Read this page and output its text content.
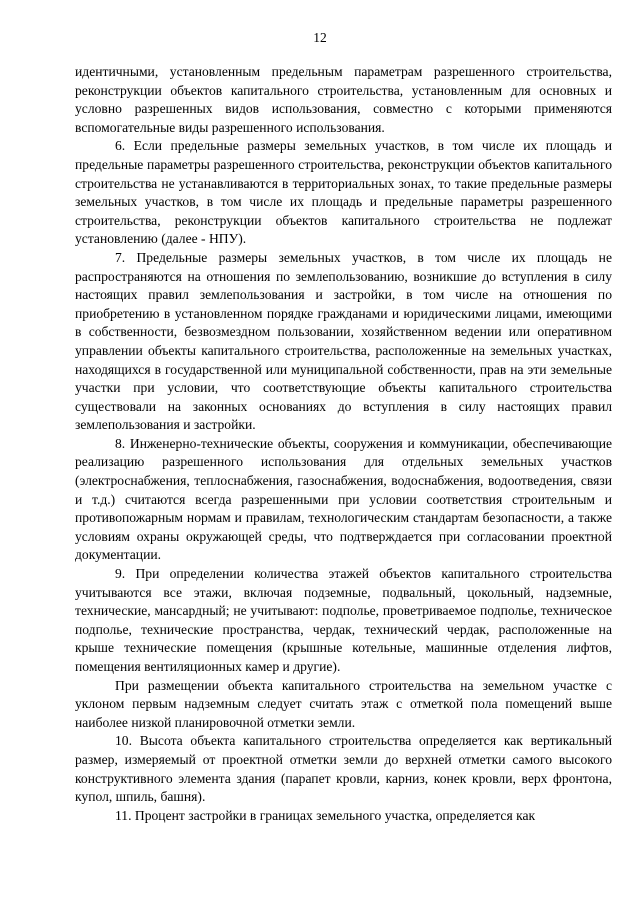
12

идентичными, установленным предельным параметрам разрешенного строительства, реконструкции объектов капитального строительства, установленным для основных и условно разрешенных видов использования, совместно с которыми применяются вспомогательные виды разрешенного использования.

6. Если предельные размеры земельных участков, в том числе их площадь и предельные параметры разрешенного строительства, реконструкции объектов капитального строительства не устанавливаются в территориальных зонах, то такие предельные размеры земельных участков, в том числе их площадь и предельные параметры разрешенного строительства, реконструкции объектов капитального строительства не подлежат установлению (далее - НПУ).

7. Предельные размеры земельных участков, в том числе их площадь не распространяются на отношения по землепользованию, возникшие до вступления в силу настоящих правил землепользования и застройки, в том числе на отношения по приобретению в установленном порядке гражданами и юридическими лицами, имеющими в собственности, безвозмездном пользовании, хозяйственном ведении или оперативном управлении объекты капитального строительства, расположенные на земельных участках, находящихся в государственной или муниципальной собственности, прав на эти земельные участки при условии, что соответствующие объекты капитального строительства существовали на законных основаниях до вступления в силу настоящих правил землепользования и застройки.

8. Инженерно-технические объекты, сооружения и коммуникации, обеспечивающие реализацию разрешенного использования для отдельных земельных участков (электроснабжения, теплоснабжения, газоснабжения, водоснабжения, водоотведения, связи и т.д.) считаются всегда разрешенными при условии соответствия строительным и противопожарным нормам и правилам, технологическим стандартам безопасности, а также условиям охраны окружающей среды, что подтверждается при согласовании проектной документации.

9. При определении количества этажей объектов капитального строительства учитываются все этажи, включая подземные, подвальный, цокольный, надземные, технические, мансардный; не учитывают: подполье, проветриваемое подполье, техническое подполье, технические пространства, чердак, технический чердак, расположенные на крыше технические помещения (крышные котельные, машинные отделения лифтов, помещения вентиляционных камер и другие).

При размещении объекта капитального строительства на земельном участке с уклоном первым надземным следует считать этаж с отметкой пола помещений выше наиболее низкой планировочной отметки земли.

10. Высота объекта капитального строительства определяется как вертикальный размер, измеряемый от проектной отметки земли до верхней отметки самого высокого конструктивного элемента здания (парапет кровли, карниз, конек кровли, верх фронтона, купол, шпиль, башня).

11. Процент застройки в границах земельного участка, определяется как
